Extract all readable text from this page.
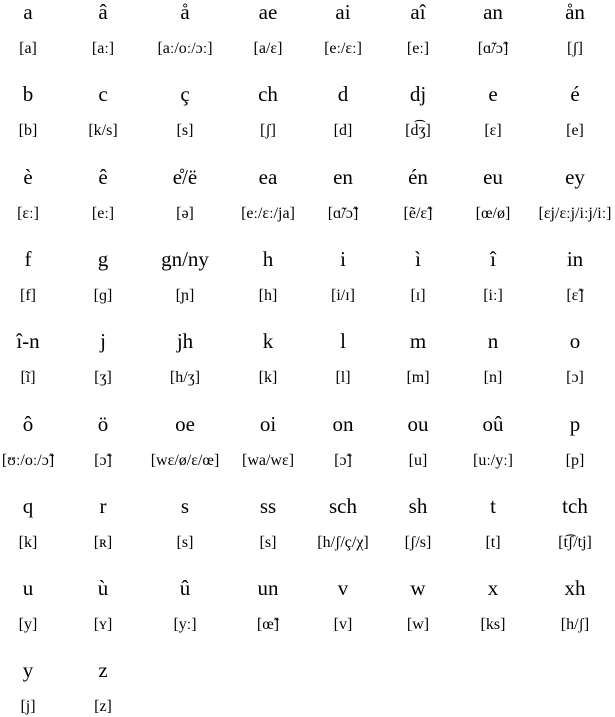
a
[a]
â
[aː]
å
[aː/oː/ɔː]
ae
[a/ɛ]
ai
[eː/ɛː]
aî
[eː]
an
[ɑ̃/ɔ̃]
ån
[ʃ]
b
[b]
c
[k/s]
ç
[s]
ch
[ʃ]
d
[d]
dj
[d͡ʒ]
e
[ɛ]
é
[e]
è
[ɛː]
ê
[eː]
e̊/ë
[ə]
ea
[eː/ɛː/ja]
en
[ɑ̃/ɔ̃]
én
[ẽ/ɛ̃]
eu
[œ/ø]
ey
[ɛj/ɛːj/iːj/iː]
f
[f]
g
[ɡ]
gn/ny
[ɲ]
h
[h]
i
[i/ɪ]
ì
[ɪ]
î
[iː]
in
[ɛ̃]
î-n
[ĩ]
j
[ʒ]
jh
[h/ʒ]
k
[k]
l
[l]
m
[m]
n
[n]
o
[ɔ]
ô
[ʊː/oː/ɔ̃]
ö
[ɔ̃]
oe
[wɛ/ø/ɛ/œ]
oi
[wa/wɛ]
on
[ɔ̃]
ou
[u]
oû
[uː/yː]
p
[p]
q
[k]
r
[ʀ]
s
[s]
ss
[s]
sch
[h/ʃ/ç/χ]
sh
[ʃ/s]
t
[t]
tch
[t͡ʃ/tj]
u
[y]
ù
[ʏ]
û
[yː]
un
[œ̃]
v
[v]
w
[w]
x
[ks]
xh
[h/ʃ]
y
[j]
z
[z]
